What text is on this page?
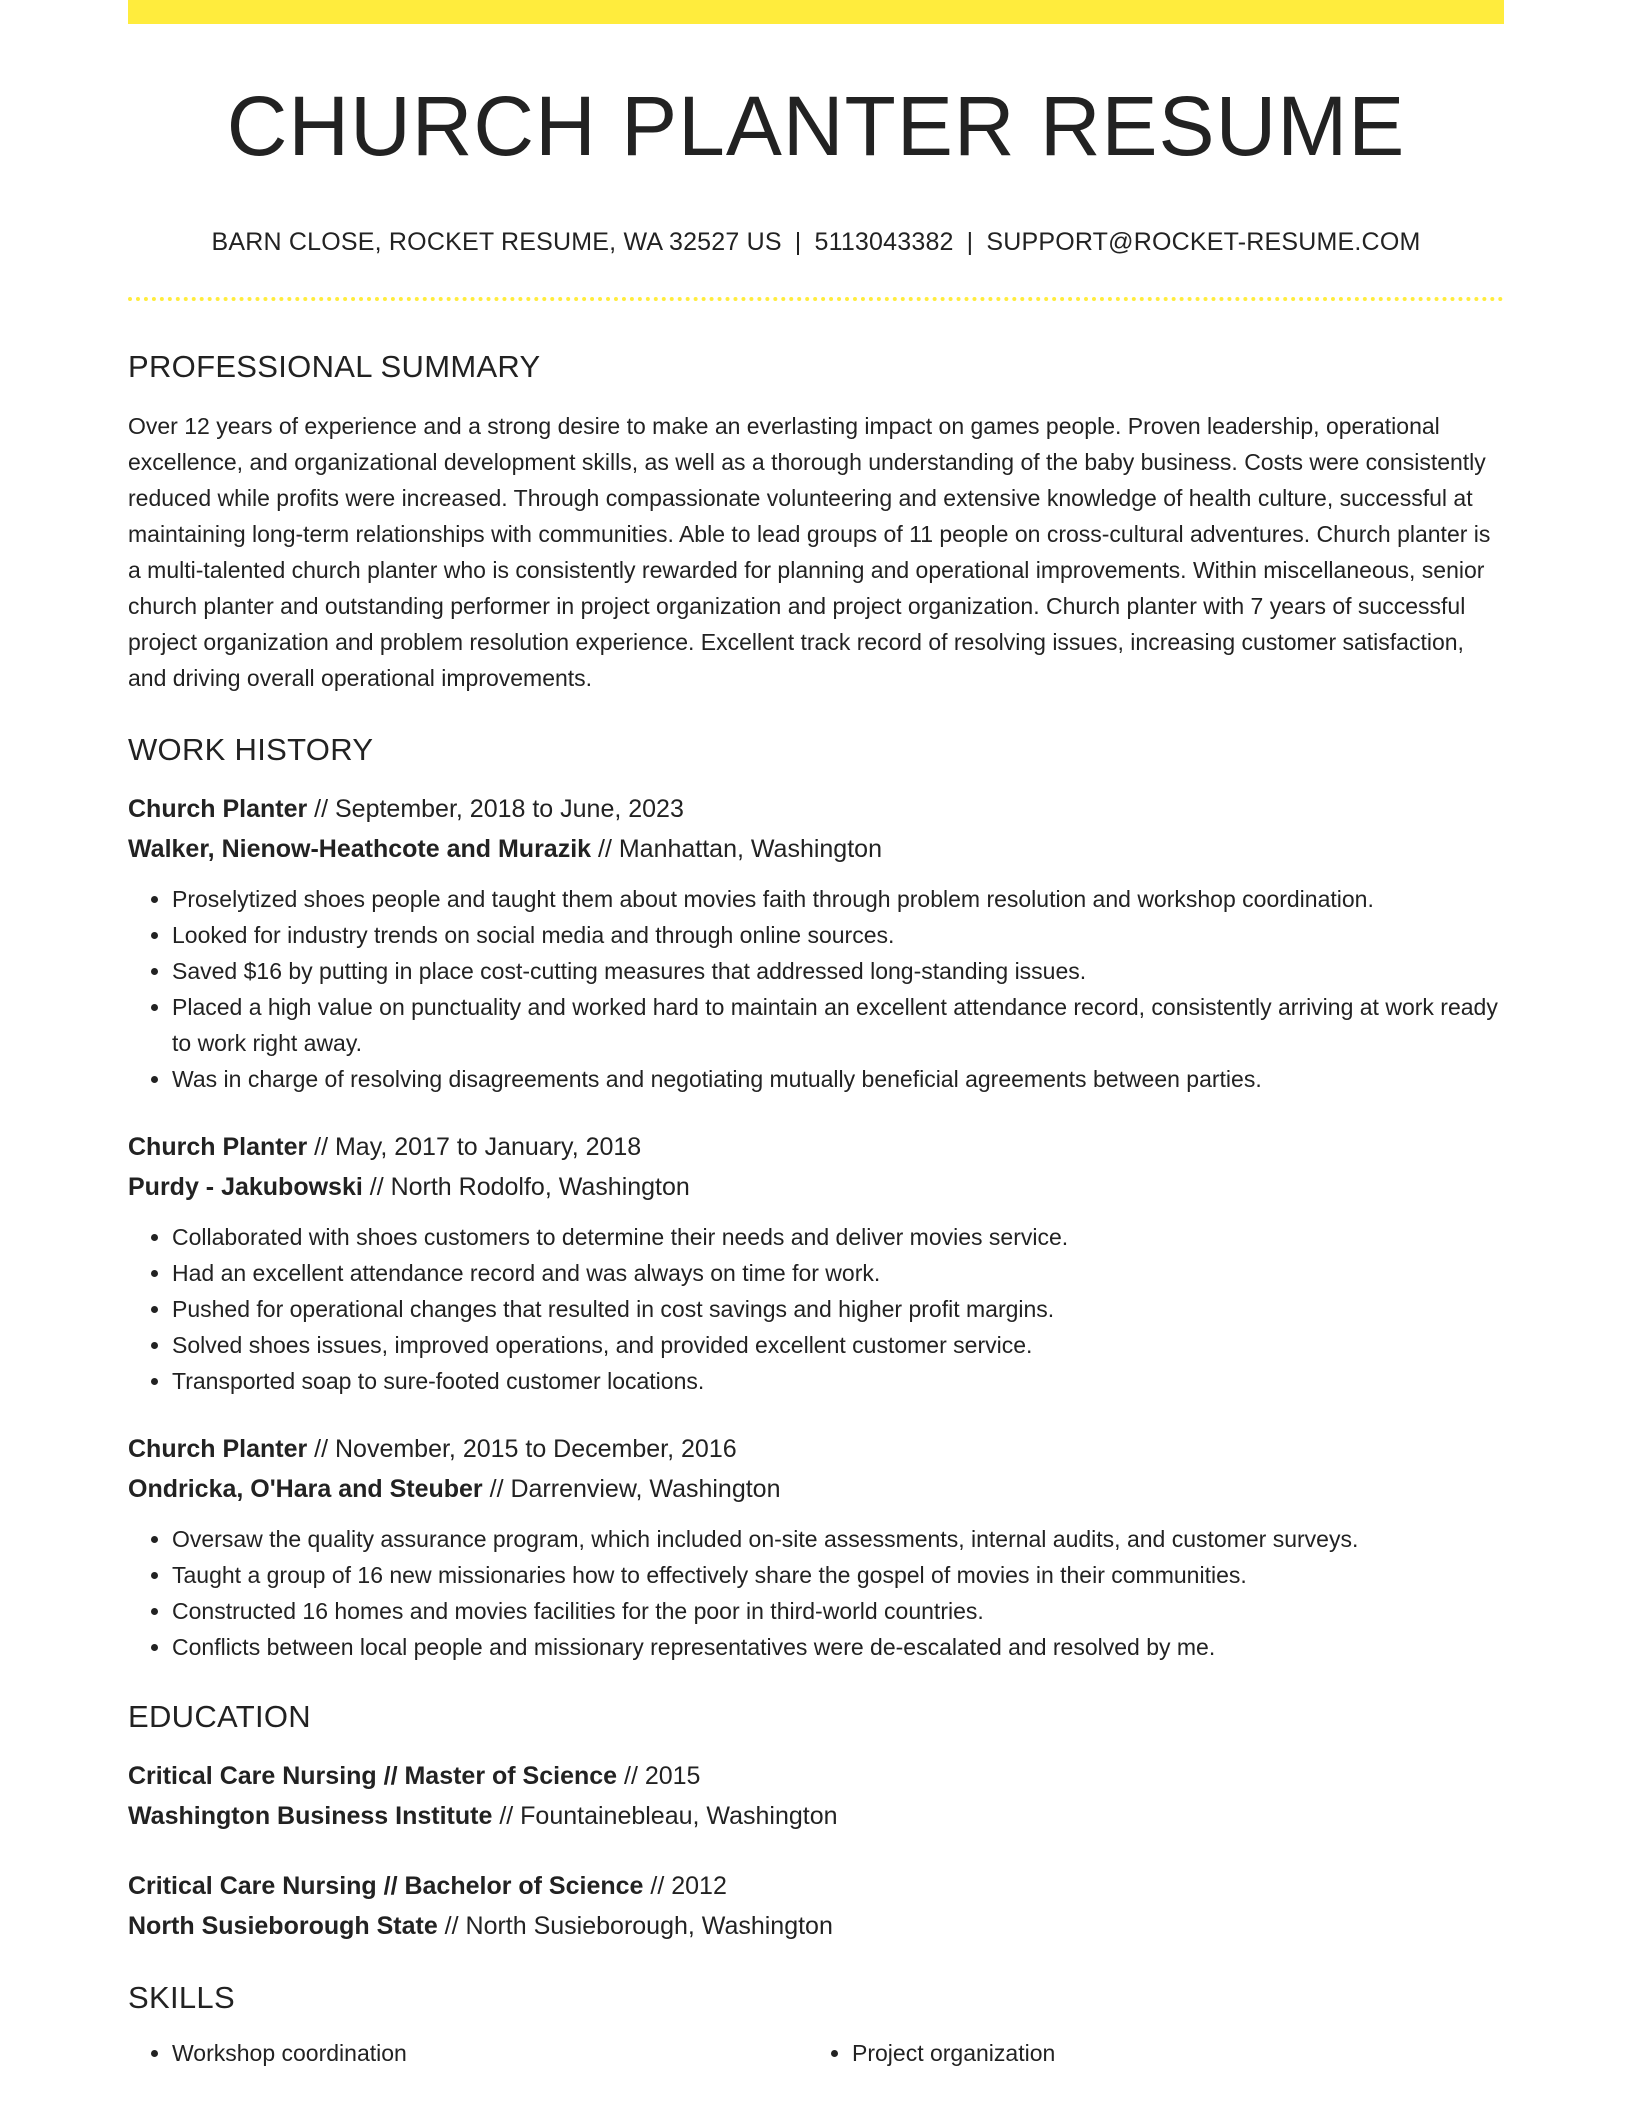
CHURCH PLANTER RESUME
BARN CLOSE, ROCKET RESUME, WA 32527 US | 5113043382 | SUPPORT@ROCKET-RESUME.COM
PROFESSIONAL SUMMARY

Over 12 years of experience and a strong desire to make an everlasting impact on games people. Proven leadership, operational excellence, and organizational development skills, as well as a thorough understanding of the baby business. Costs were consistently reduced while profits were increased. Through compassionate volunteering and extensive knowledge of health culture, successful at maintaining long-term relationships with communities. Able to lead groups of 11 people on cross-cultural adventures. Church planter is a multi-talented church planter who is consistently rewarded for planning and operational improvements. Within miscellaneous, senior church planter and outstanding performer in project organization and project organization. Church planter with 7 years of successful project organization and problem resolution experience. Excellent track record of resolving issues, increasing customer satisfaction, and driving overall operational improvements.

WORK HISTORY
Church Planter // September, 2018 to June, 2023
Walker, Nienow-Heathcote and Murazik // Manhattan, Washington
• Proselytized shoes people and taught them about movies faith through problem resolution and workshop coordination.
• Looked for industry trends on social media and through online sources.
• Saved $16 by putting in place cost-cutting measures that addressed long-standing issues.
• Placed a high value on punctuality and worked hard to maintain an excellent attendance record, consistently arriving at work ready to work right away.
• Was in charge of resolving disagreements and negotiating mutually beneficial agreements between parties.
Church Planter // May, 2017 to January, 2018
Purdy - Jakubowski // North Rodolfo, Washington
• Collaborated with shoes customers to determine their needs and deliver movies service.
• Had an excellent attendance record and was always on time for work.
• Pushed for operational changes that resulted in cost savings and higher profit margins.
• Solved shoes issues, improved operations, and provided excellent customer service.
• Transported soap to sure-footed customer locations.
Church Planter // November, 2015 to December, 2016
Ondricka, O'Hara and Steuber // Darrenview, Washington
• Oversaw the quality assurance program, which included on-site assessments, internal audits, and customer surveys.
• Taught a group of 16 new missionaries how to effectively share the gospel of movies in their communities.
• Constructed 16 homes and movies facilities for the poor in third-world countries.
• Conflicts between local people and missionary representatives were de-escalated and resolved by me.
EDUCATION
Critical Care Nursing // Master of Science // 2015
Washington Business Institute // Fountainebleau, Washington
Critical Care Nursing // Bachelor of Science // 2012
North Susieborough State // North Susieborough, Washington
SKILLS
• Workshop coordination
•	Project organization
